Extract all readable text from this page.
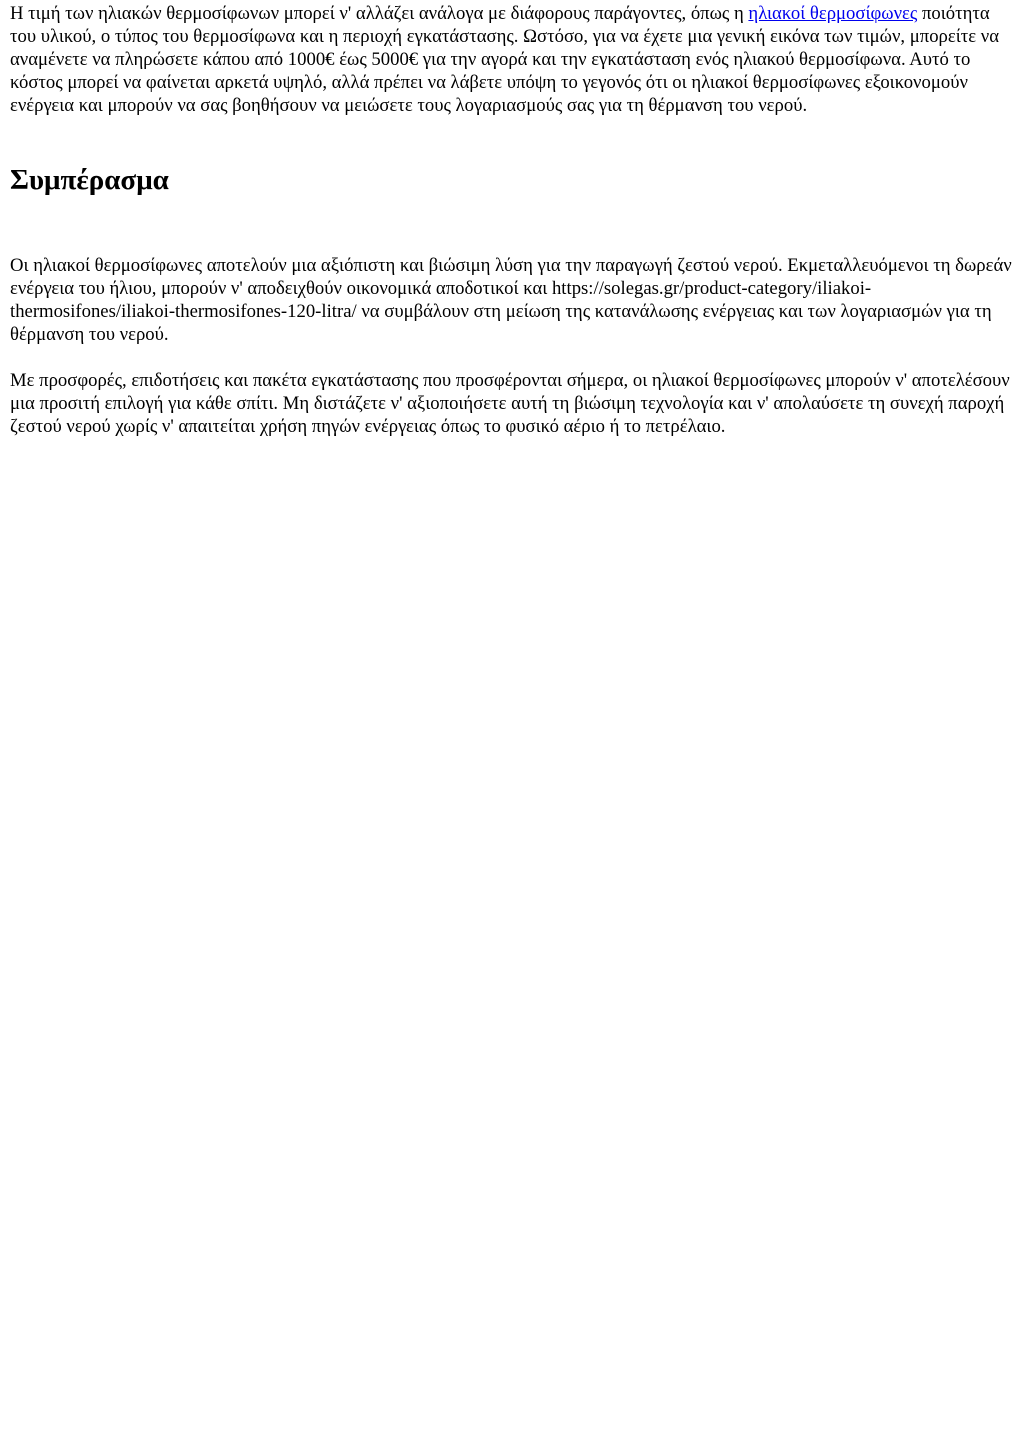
Η τιμή των ηλιακών θερμοσίφωνων μπορεί ν' αλλάζει ανάλογα με διάφορους παράγοντες, όπως η ηλιακοί θερμοσίφωνες ποιότητα του υλικού, ο τύπος του θερμοσίφωνα και η περιοχή εγκατάστασης. Ωστόσο, για να έχετε μια γενική εικόνα των τιμών, μπορείτε να αναμένετε να πληρώσετε κάπου από 1000€ έως 5000€ για την αγορά και την εγκατάσταση ενός ηλιακού θερμοσίφωνα. Αυτό το κόστος μπορεί να φαίνεται αρκετά υψηλό, αλλά πρέπει να λάβετε υπόψη το γεγονός ότι οι ηλιακοί θερμοσίφωνες εξοικονομούν ενέργεια και μπορούν να σας βοηθήσουν να μειώσετε τους λογαριασμούς σας για τη θέρμανση του νερού.

Συμπέρασμα

Οι ηλιακοί θερμοσίφωνες αποτελούν μια αξιόπιστη και βιώσιμη λύση για την παραγωγή ζεστού νερού. Εκμεταλλευόμενοι τη δωρεάν ενέργεια του ήλιου, μπορούν ν' αποδειχθούν οικονομικά αποδοτικοί και https://solegas.gr/product-category/iliakoi-thermosifones/iliakoi-thermosifones-120-litra/ να συμβάλουν στη μείωση της κατανάλωσης ενέργειας και των λογαριασμών για τη θέρμανση του νερού.

Με προσφορές, επιδοτήσεις και πακέτα εγκατάστασης που προσφέρονται σήμερα, οι ηλιακοί θερμοσίφωνες μπορούν ν' αποτελέσουν μια προσιτή επιλογή για κάθε σπίτι. Μη διστάζετε ν' αξιοποιήσετε αυτή τη βιώσιμη τεχνολογία και ν' απολαύσετε τη συνεχή παροχή ζεστού νερού χωρίς ν' απαιτείται χρήση πηγών ενέργειας όπως το φυσικό αέριο ή το πετρέλαιο.
